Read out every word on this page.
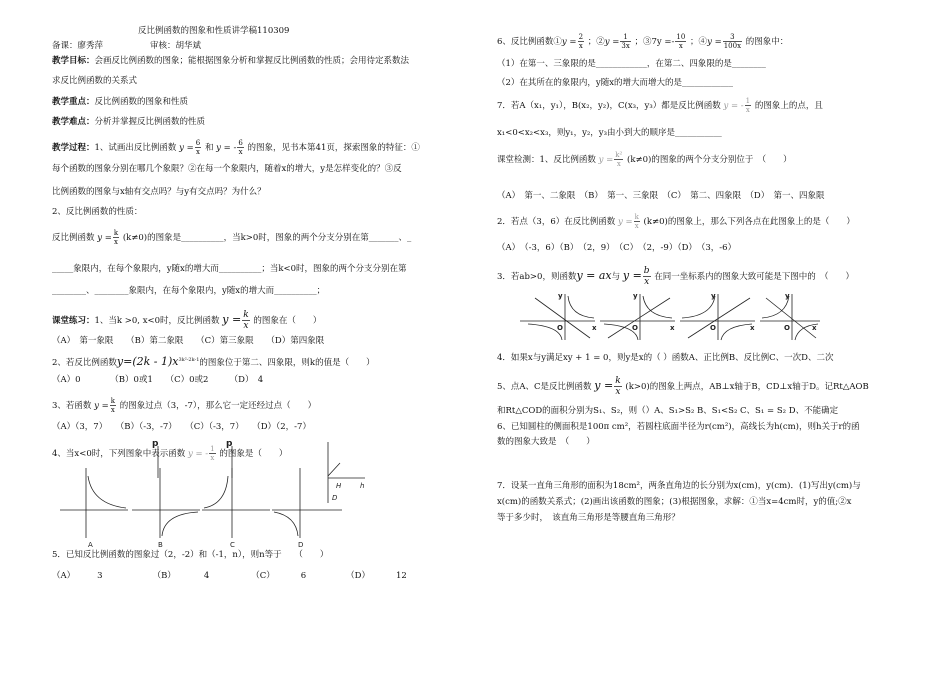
反比例函数的图象和性质讲学稿110309
备课：廖秀萍	审核：胡华斌
教学目标：会画反比例函数的图象；能根据图象分析和掌握反比例函数的性质；会用待定系数法
求反比例函数的关系式
教学重点：反比例函数的图象和性质
教学难点：分析并掌握反比例函数的性质
教学过程：1、试画出反比例函数 $y = \frac{6}{x}$ 和 y = - $\frac{6}{x}$ 的图象，见书本第41页，探索图象的特征：①
每个函数的图象分别在哪几个象限？②在每一个象限内，随着x的增大，y是怎样变化的？③反
比例函数的图象与x轴有交点吗？与y有交点吗？为什么？
2、反比例函数的性质：
反比例函数 $y = \frac{k}{x} (k\ne 0)$的图象是__________，当k>0时，图象的两个分支分别在第_______、_
_____象限内，在每个象限内，y随x的增大而__________；当k<0时，图象的两个分支分别在第
________、________象限内，在每个象限内，y随x的增大而__________；
课堂练习：1、当k >0, x<0时，反比例函数 $y = \frac{k}{x}$ 的图象在（　　）
（A）　第一象限　　（B）第二象限　　（C）第三象限　　（D）第四象限
2、若反比例函数$y=(2k - 1)x^{3k^2-2k-1}$的图象位于第二、四象限，则k的值是（　　）
（A）0　　　　（B）0或1　　（C）0或2　　　（D）　4
3、若函数 $y = \frac{k}{x}$ 的图象过点（3，-7），那么它一定还经过点（　　）
（A）（3，7）　　（B）（-3，-7）　　（C）（-3，7）　　（D）（2，-7）
4、当x<0时，下列图象中表示函数 y = - $\frac{1}{x}$ 的图象是（　　）
A	B	C	D
p	p
h
H
D
5．已知反比例函数的图象过（2，-2）和（-1，n），则n等于　　（　　）
（A）	3	（B）	4	（C）	6	（D）	12
6、反比例函数①y = $\frac{2}{x}$ ；②y = $\frac{1}{3x}$ ；③7y =- $\frac{10}{x}$ ；④y = $\frac{3}{100x}$ 的图象中：
（1）在第一、三象限的是____________，在第二、四象限的是________
（2）在其所在的象限内，y随x的增大而增大的是____________
7．若A（x₁，y₁），B(x₂，y₂)，C(x₃，y₃）都是反比例函数 y = - $\frac{1}{x}$ 的图象上的点，且
x₁<0<x₂<x₃，则y₁，y₂，y₃由小到大的顺序是___________
课堂检测：1、反比例函数 $y = \frac{\text{k²}}{x} (k\ne 0)$的图象的两个分支分别位于　（　　）
（A）　第一、二象限　（B）　第一、三象限　（C）　第二、四象限　（D）　第一、四象限
2．若点（3，6）在反比例函数 $y = \frac{k}{x} (k\ne 0)$的图象上，那么下列各点在此图象上的是（　　）
（A）　（-3，6）（B）　（2，9）　（C）　（2，-9）（D）　（3，-6）
3．若ab>0，则函数y = ax与 $y = \frac{b}{x}$ 在同一坐标系内的图象大致可能是下图中的　（　　）
y	y	y	y
x	x	x	x
O	O	O	O
4．如果x与y满足xy + 1 = 0，则y是x的（ ）函数A、正比例B、反比例C、一次D、二次
5、点A、C是反比例函数 $y = \frac{k}{x} (k>0)$的图象上两点，AB⊥x轴于B，CD⊥x轴于D。记Rt△AOB
和Rt△COD的面积分别为S₁、S₂，则（）A、S₁>S₂ B、S₁<S₂ C、S₁ = S₂ D、不能确定
6、已知圆柱的侧面积是100π cm²，若圆柱底面半径为r(cm²)，高线长为h(cm)，则h关于r的函
数的图象大致是　（　　）
7．设某一直角三角形的面积为18cm²，两条直角边的长分别为x(cm)，y(cm)．(1)写出y(cm)与
x(cm)的函数关系式；(2)画出该函数的图象；(3)根据图象，求解：①当x=4cm时，y的值;②x
等于多少时，　该直角三角形是等腰直角三角形？
